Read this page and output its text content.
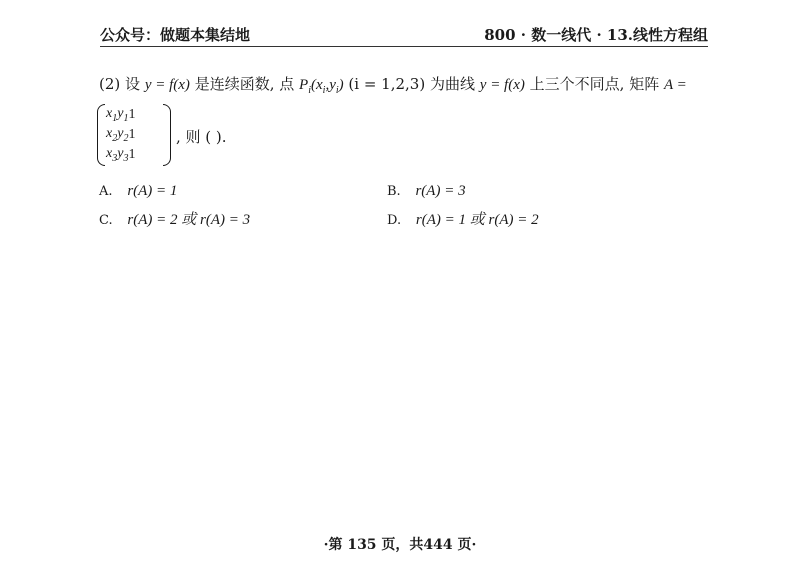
公众号：做题本集结地	800 · 数一线代 · 13.线性方程组
(2) 设 y = f(x) 是连续函数, 点 $P_i(x_i,y_i) (i = 1,2,3)$ 为曲线 y = f(x) 上三个不同点, 矩阵 A =
$x_1$	$y_1$	1
$x_2$	$y_2$	1
$x_3$	$y_3$	1
, 则 ( ).
A. r(A) = 1	B. r(A) = 3
C. r(A) = 2 或 r(A) = 3	D. r(A) = 1 或 r(A) = 2
·第 135 页，共444 页·
